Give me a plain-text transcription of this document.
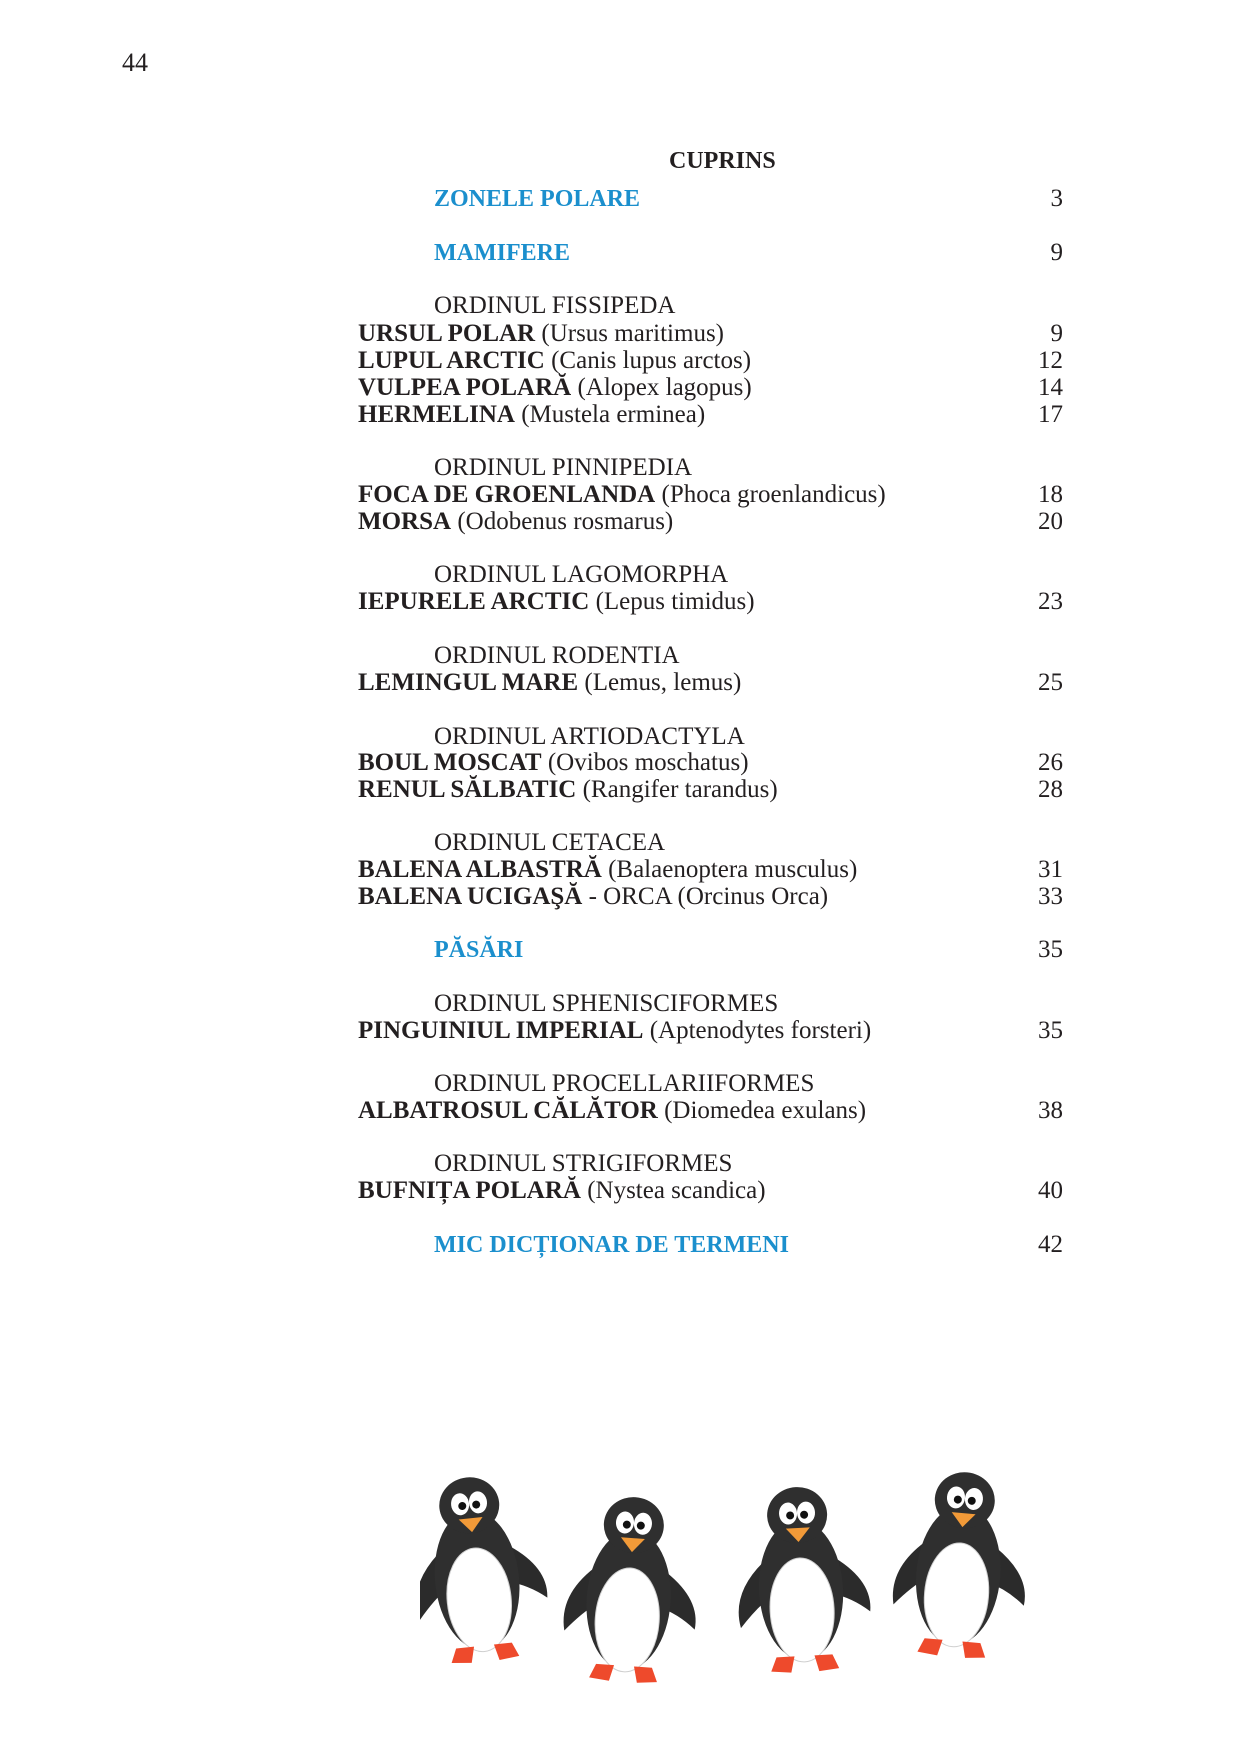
44
CUPRINS
ZONELE POLARE	3
MAMIFERE	9
ORDINUL FISSIPEDA
URSUL POLAR (Ursus maritimus)	9
LUPUL ARCTIC (Canis lupus arctos)	12
VULPEA POLARĂ (Alopex lagopus)	14
HERMELINA (Mustela erminea)	17
ORDINUL PINNIPEDIA
FOCA DE GROENLANDA (Phoca groenlandicus)	18
MORSA (Odobenus rosmarus)	20
ORDINUL LAGOMORPHA
IEPURELE ARCTIC (Lepus timidus)	23
ORDINUL RODENTIA
LEMINGUL MARE (Lemus, lemus)	25
ORDINUL ARTIODACTYLA
BOUL MOSCAT (Ovibos moschatus)	26
RENUL SĂLBATIC (Rangifer tarandus)	28
ORDINUL CETACEA
BALENA ALBASTRĂ (Balaenoptera musculus)	31
BALENA UCIGAŞĂ - ORCA (Orcinus Orca)	33
PĂSĂRI	35
ORDINUL SPHENISCIFORMES
PINGUINIUL IMPERIAL (Aptenodytes forsteri)	35
ORDINUL PROCELLARIIFORMES
ALBATROSUL CĂLĂTOR (Diomedea exulans)	38
ORDINUL STRIGIFORMES
BUFNIȚA POLARĂ (Nystea scandica)	40
MIC DICȚIONAR DE TERMENI	42
